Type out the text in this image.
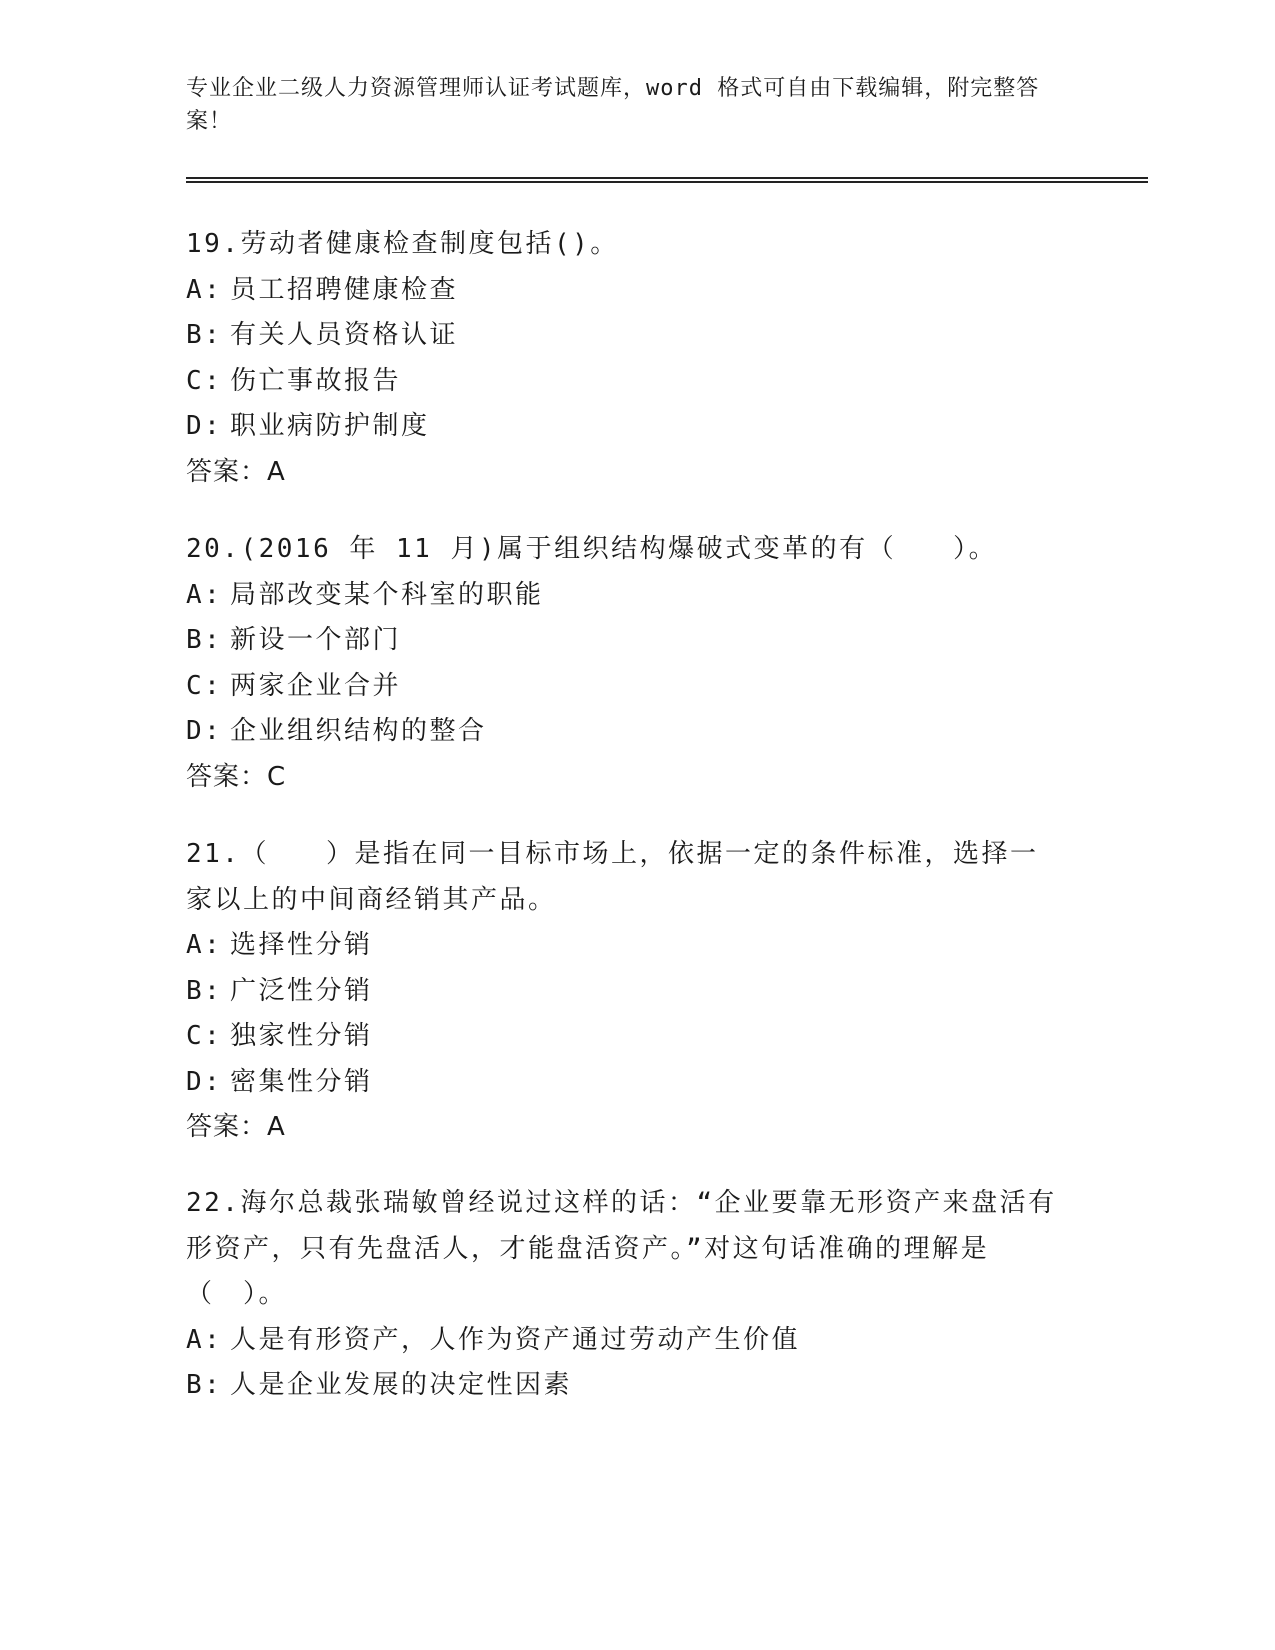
专业企业二级人力资源管理师认证考试题库，word 格式可自由下载编辑，附完整答案！
19.劳动者健康检查制度包括()。
A: 员工招聘健康检查
B: 有关人员资格认证
C: 伤亡事故报告
D: 职业病防护制度
答案：A
20.(2016 年 11 月)属于组织结构爆破式变革的有（　　）。
A: 局部改变某个科室的职能
B: 新设一个部门
C: 两家企业合并
D: 企业组织结构的整合
答案：C
21.（　　）是指在同一目标市场上，依据一定的条件标准，选择一家以上的中间商经销其产品。
A: 选择性分销
B: 广泛性分销
C: 独家性分销
D: 密集性分销
答案：A
22.海尔总裁张瑞敏曾经说过这样的话：“企业要靠无形资产来盘活有形资产，只有先盘活人，才能盘活资产。”对这句话准确的理解是（　）。
A: 人是有形资产，人作为资产通过劳动产生价值
B: 人是企业发展的决定性因素
